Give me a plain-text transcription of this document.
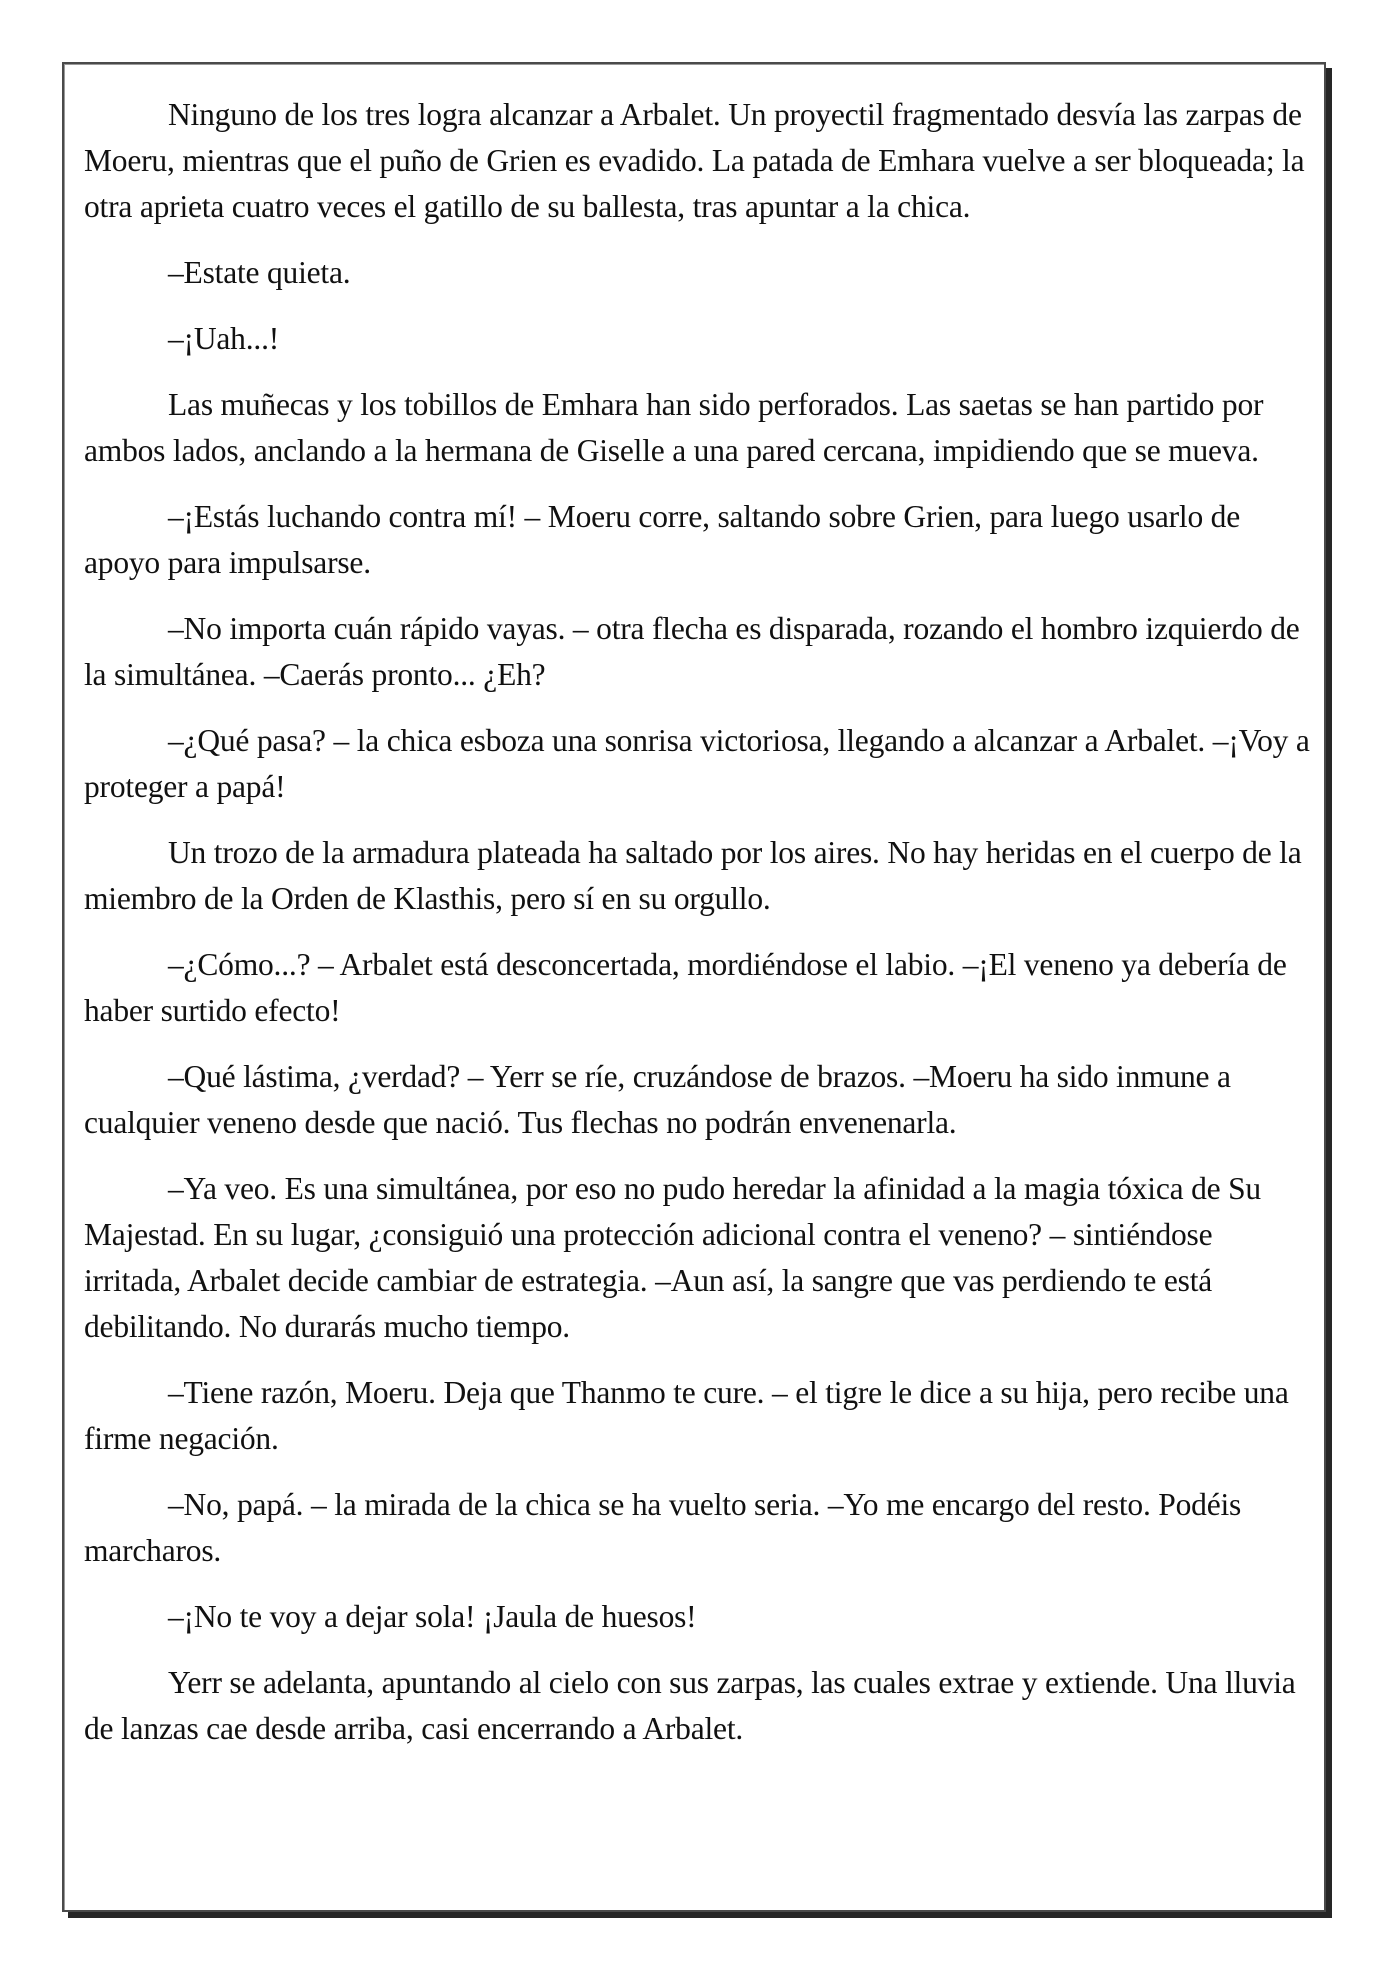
Ninguno de los tres logra alcanzar a Arbalet. Un proyectil fragmentado desvía las zarpas de Moeru, mientras que el puño de Grien es evadido. La patada de Emhara vuelve a ser bloqueada; la otra aprieta cuatro veces el gatillo de su ballesta, tras apuntar a la chica.

–Estate quieta.

–¡Uah...!

Las muñecas y los tobillos de Emhara han sido perforados. Las saetas se han partido por ambos lados, anclando a la hermana de Giselle a una pared cercana, impidiendo que se mueva.

–¡Estás luchando contra mí! – Moeru corre, saltando sobre Grien, para luego usarlo de apoyo para impulsarse.

–No importa cuán rápido vayas. – otra flecha es disparada, rozando el hombro izquierdo de la simultánea. –Caerás pronto... ¿Eh?

–¿Qué pasa? – la chica esboza una sonrisa victoriosa, llegando a alcanzar a Arbalet. –¡Voy a proteger a papá!

Un trozo de la armadura plateada ha saltado por los aires. No hay heridas en el cuerpo de la miembro de la Orden de Klasthis, pero sí en su orgullo.

–¿Cómo...? – Arbalet está desconcertada, mordiéndose el labio. –¡El veneno ya debería de haber surtido efecto!

–Qué lástima, ¿verdad? – Yerr se ríe, cruzándose de brazos. –Moeru ha sido inmune a cualquier veneno desde que nació. Tus flechas no podrán envenenarla.

–Ya veo. Es una simultánea, por eso no pudo heredar la afinidad a la magia tóxica de Su Majestad. En su lugar, ¿consiguió una protección adicional contra el veneno? – sintiéndose irritada, Arbalet decide cambiar de estrategia. –Aun así, la sangre que vas perdiendo te está debilitando. No durarás mucho tiempo.

–Tiene razón, Moeru. Deja que Thanmo te cure. – el tigre le dice a su hija, pero recibe una firme negación.

–No, papá. – la mirada de la chica se ha vuelto seria. –Yo me encargo del resto. Podéis marcharos.

–¡No te voy a dejar sola! ¡Jaula de huesos!

Yerr se adelanta, apuntando al cielo con sus zarpas, las cuales extrae y extiende. Una lluvia de lanzas cae desde arriba, casi encerrando a Arbalet.
